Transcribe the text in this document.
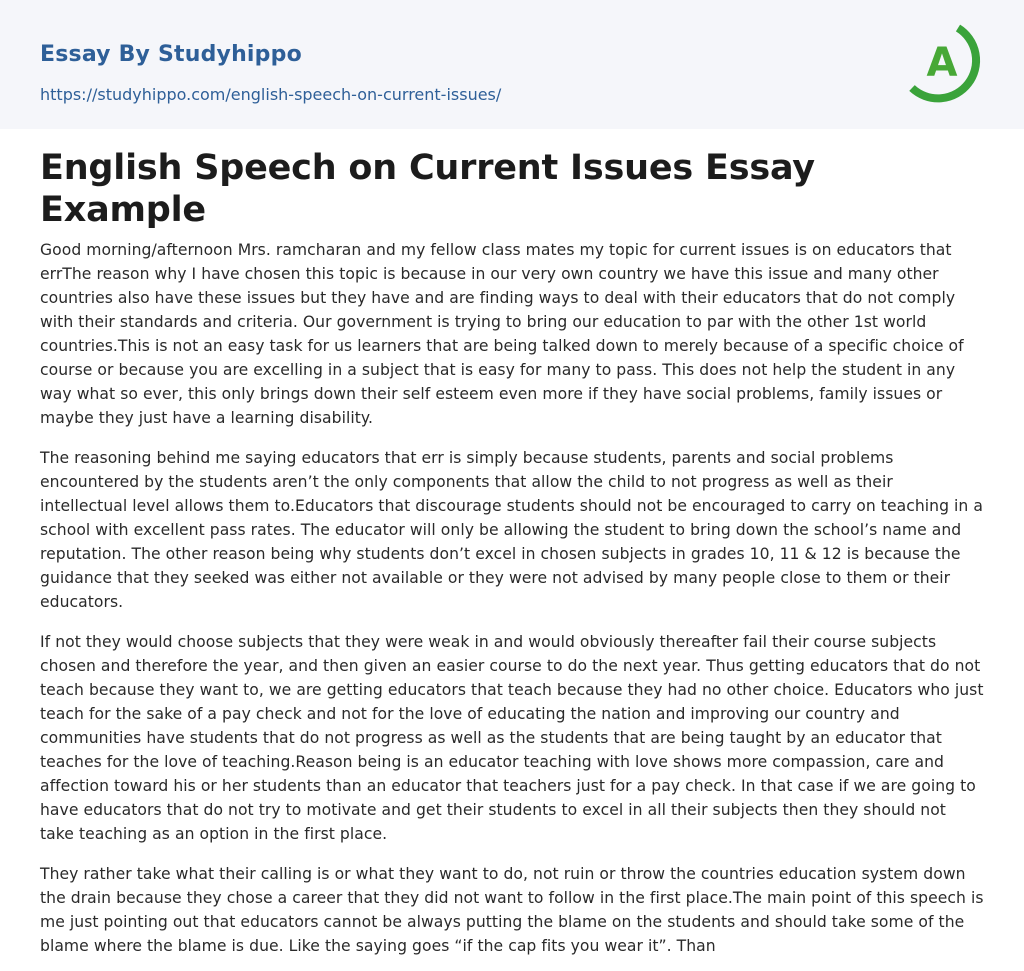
Essay By Studyhippo
https://studyhippo.com/english-speech-on-current-issues/
A
English Speech on Current Issues Essay Example

Good morning/afternoon Mrs. ramcharan and my fellow class mates my topic for current issues is on educators that errThe reason why I have chosen this topic is because in our very own country we have this issue and many other countries also have these issues but they have and are finding ways to deal with their educators that do not comply with their standards and criteria. Our government is trying to bring our education to par with the other 1st world countries.This is not an easy task for us learners that are being talked down to merely because of a specific choice of course or because you are excelling in a subject that is easy for many to pass. This does not help the student in any way what so ever, this only brings down their self esteem even more if they have social problems, family issues or maybe they just have a learning disability.

The reasoning behind me saying educators that err is simply because students, parents and social problems encountered by the students aren’t the only components that allow the child to not progress as well as their intellectual level allows them to.Educators that discourage students should not be encouraged to carry on teaching in a school with excellent pass rates. The educator will only be allowing the student to bring down the school’s name and reputation. The other reason being why students don’t excel in chosen subjects in grades 10, 11 & 12 is because the guidance that they seeked was either not available or they were not advised by many people close to them or their educators.

If not they would choose subjects that they were weak in and would obviously thereafter fail their course subjects chosen and therefore the year, and then given an easier course to do the next year. Thus getting educators that do not teach because they want to, we are getting educators that teach because they had no other choice. Educators who just teach for the sake of a pay check and not for the love of educating the nation and improving our country and communities have students that do not progress as well as the students that are being taught by an educator that teaches for the love of teaching.Reason being is an educator teaching with love shows more compassion, care and affection toward his or her students than an educator that teachers just for a pay check. In that case if we are going to have educators that do not try to motivate and get their students to excel in all their subjects then they should not take teaching as an option in the first place.

They rather take what their calling is or what they want to do, not ruin or throw the countries education system down the drain because they chose a career that they did not want to follow in the first place.The main point of this speech is me just pointing out that educators cannot be always putting the blame on the students and should take some of the blame where the blame is due. Like the saying goes “if the cap fits you wear it”. Than
